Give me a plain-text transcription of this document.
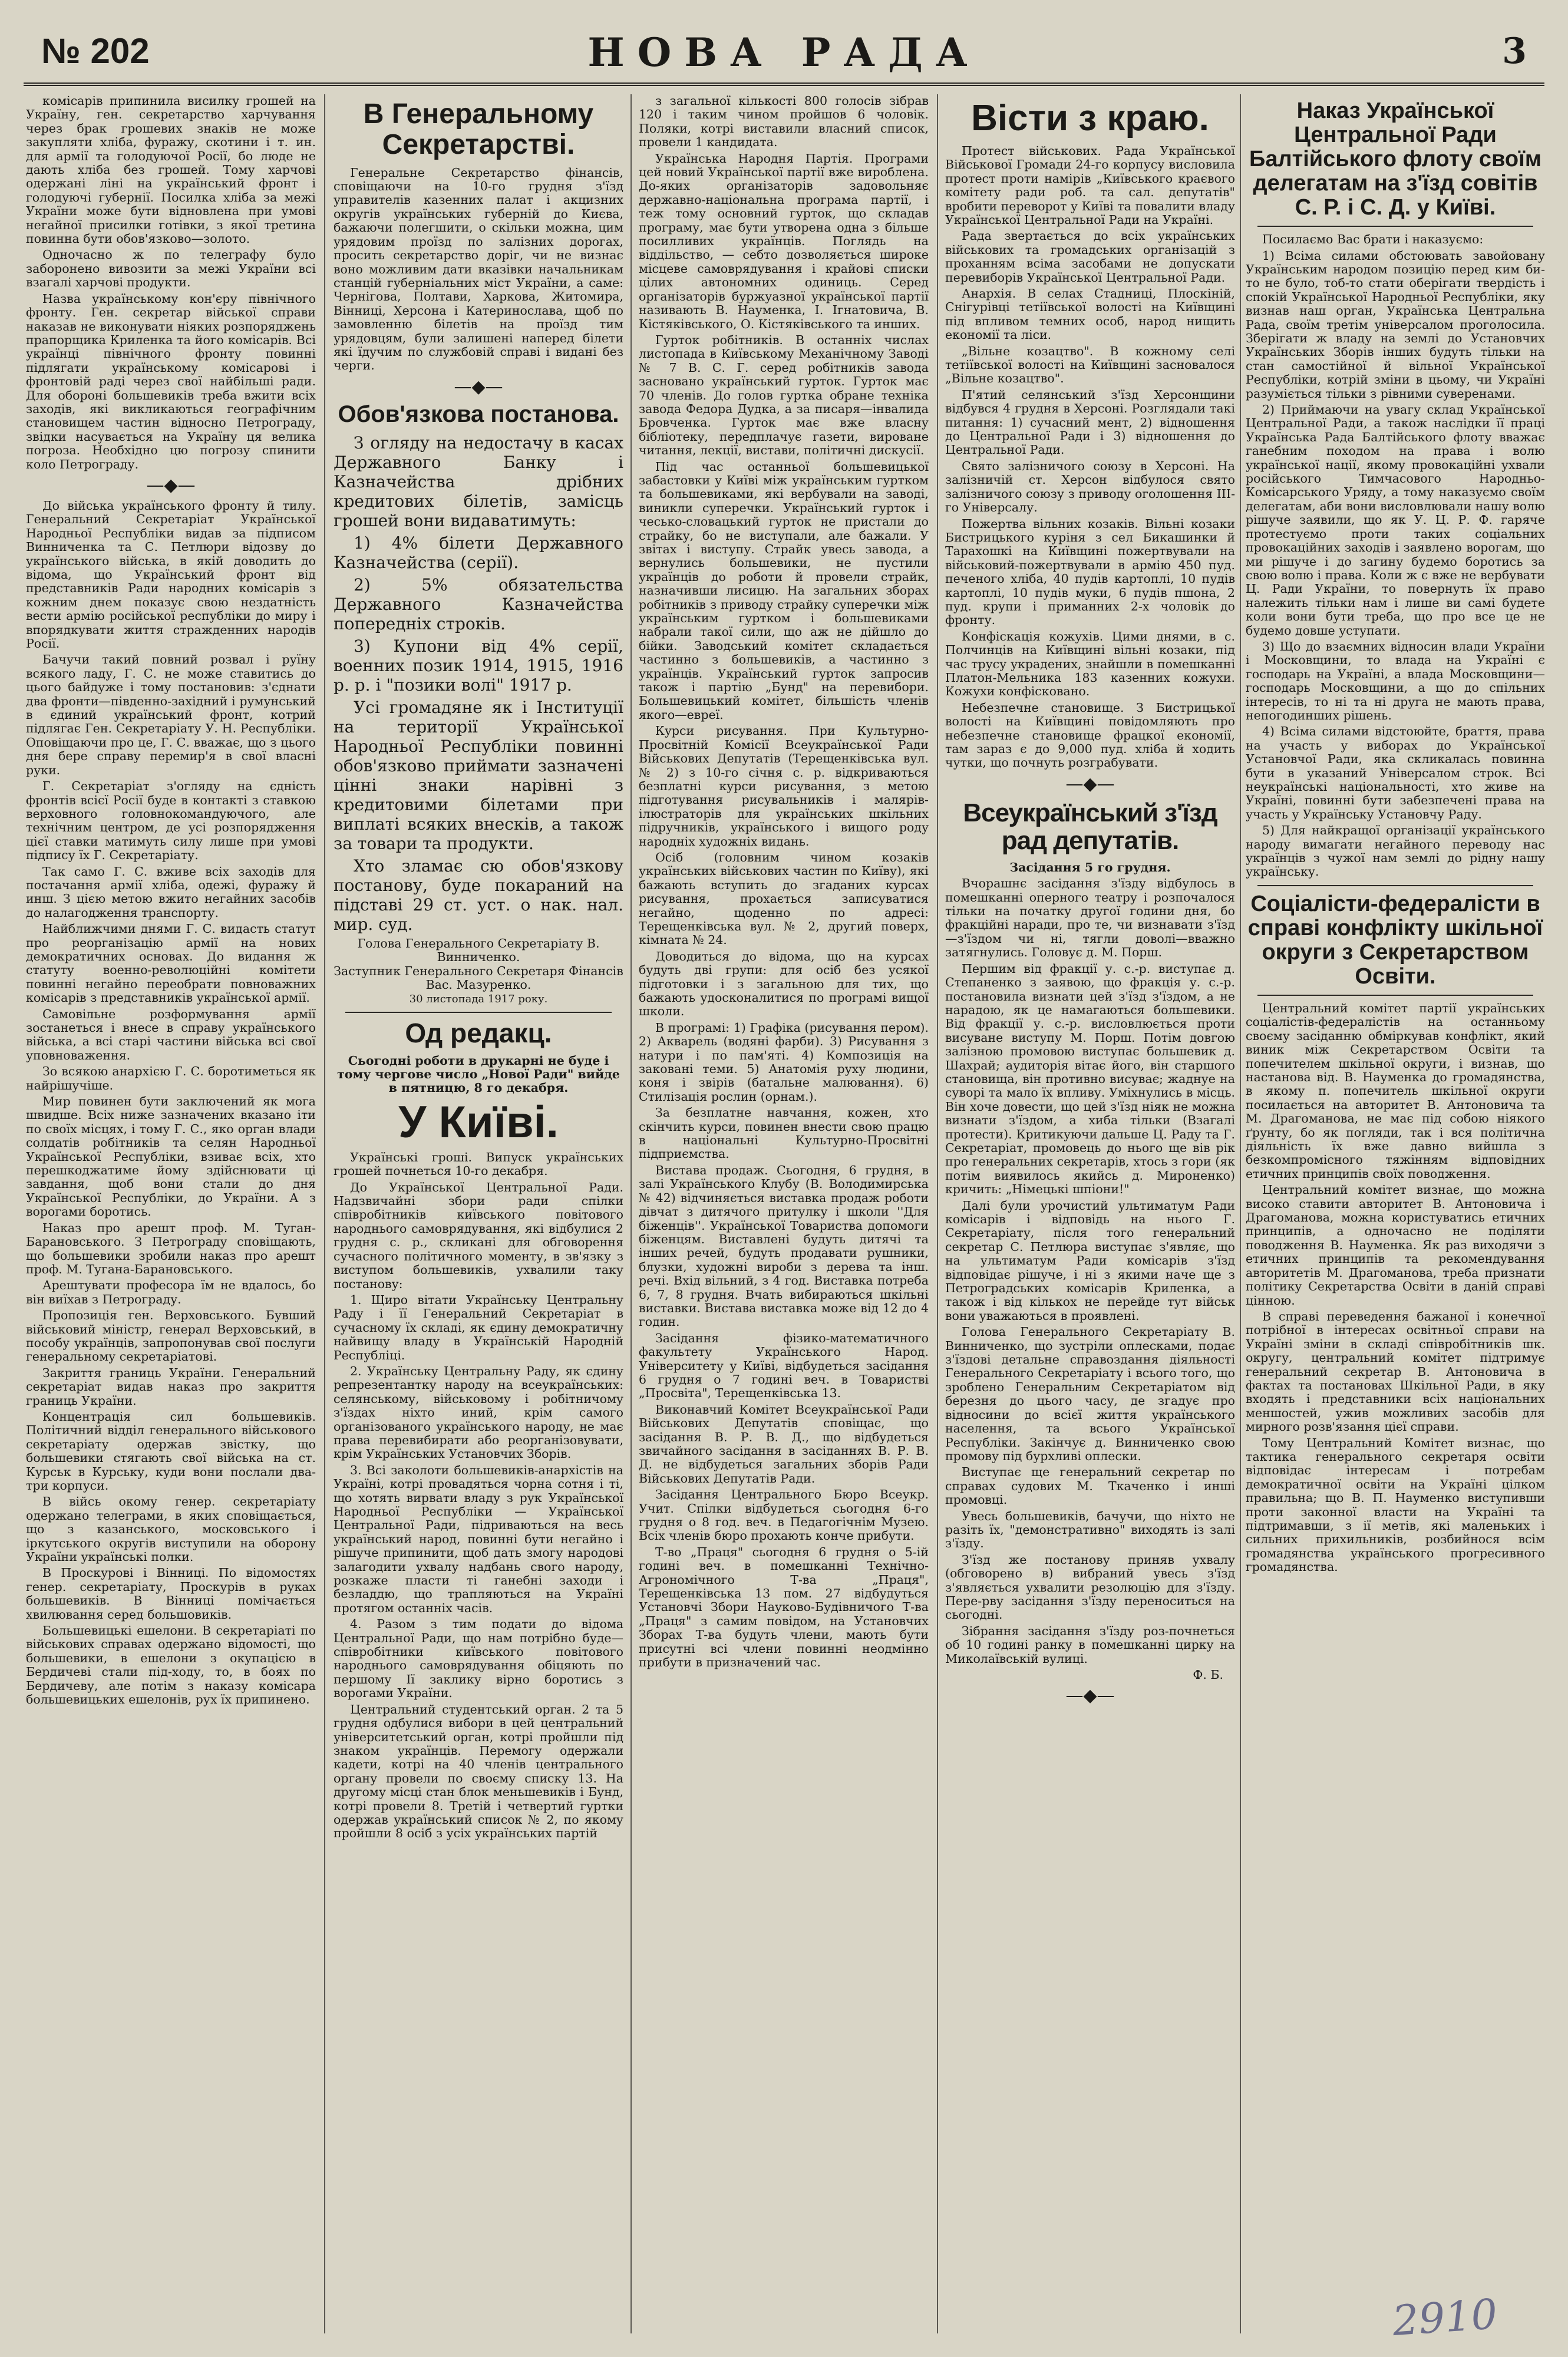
№ 202	НОВА РАДА	3

комісарів припинила висилку грошей на Україну, ген. секретарство харчування через брак грошевих знаків не може закупляти хліба, фуражу, скотини і т. ин. для армії та голодуючої Росії, бо люде не дають хліба без грошей. Тому харчові одержані ліні на український фронт і голодуючі губернії. Посилка хліба за межі України може бути відновлена при умові негайної присилки готівки, з якої третина повинна бути обов'язково—золото.

Одночасно ж по телеграфу було заборонено вивозити за межі України всі взагалі харчові продукти.

Назва українському кон'єру північного фронту. Ген. секретар війської справи наказав не виконувати ніяких розпоряджень прапорщика Криленка та його комісарів. Всі українці північного фронту повинні підлягати українському комісарові і фронтовій раді через свої найбільші ради. Для обороні большевиків треба вжити всіх заходів, які викликаються географічним становищем частин відносно Петрограду, звідки насувається на Україну ця велика погроза. Необхідно цю погрозу спинити коло Петрограду.

—◆—

До війська українського фронту й тилу. Генеральний Секретаріат Української Народньої Республіки видав за підписом Винниченка та С. Петлюри відозву до українського війська, в якій доводить до відома, що Український фронт від представників Ради народних комісарів з кожним днем показує свою нездатність вести армію російської республіки до миру і впорядкувати життя стражденних народів Росії.

Бачучи такий повний розвал і руїну всякого ладу, Г. С. не може ставитись до цього байдуже і тому постановив: з'єднати два фронти—південно-західний і румунський в єдиний український фронт, котрий підлягає Ген. Секретаріату У. Н. Республіки. Оповіщаючи про це, Г. С. вважає, що з цього дня бере справу перемир'я в свої власні руки.

Г. Секретаріат з'огляду на єдність фронтів всієї Росії буде в контакті з ставкою верховного головнокомандуючого, але технічним центром, де усі розпорядження цієї ставки матимуть силу лише при умові підпису їх Г. Секретаріату.

Так само Г. С. вживе всіх заходів для постачання армії хліба, одежі, фуражу й инш. З цією метою вжито негайних засобів до налагодження транспорту.

Найближчими днями Г. С. видасть статут про реорганізацію армії на нових демократичних основах. До видання ж статуту военно-революційні комітети повинні негайно переобрати повноважних комісарів з представників української армії.

Самовільне розформування армії зостанеться і внесе в справу українського війська, а всі старі частини війська всі свої уповноваження.

Зо всякою анархією Г. С. боротиметься як найрішучіше.

Мир повинен бути заключений як мога швидше. Всіх ниже зазначених вказано іти по своїх місцях, і тому Г. С., яко орган влади солдатів робітників та селян Народньої Української Республіки, взиває всіх, хто перешкоджатиме йому здійснювати ці завдання, щоб вони стали до дня Української Республіки, до України. А з ворогами боротись.

Наказ про арешт проф. М. Туган-Барановського. З Петрограду сповіщають, що большевики зробили наказ про арешт проф. М. Тугана-Барановського.

Арештувати професора їм не вдалось, бо він виїхав з Петрограду.

Пропозиція ген. Верховського. Бувший військовий міністр, генерал Верховський, в пособу українців, запропонував свої послуги генеральному секретаріатові.

Закриття границь України. Генеральний секретаріат видав наказ про закриття границь України.

Концентрація сил большевиків. Політичний відділ генерального військового секретаріату одержав звістку, що большевики стягають свої війська на ст. Курськ в Курську, куди вони послали два-три корпуси.

В війсь окому генер. секретаріату одержано телеграми, в яких сповіщається, що з казанського, московського і іркутського округів виступили на оборону України українські полки.

В Проскурові і Вінниці. По відомостях генер. секретаріату, Проскурів в руках большевиків. В Вінниці помічається хвилювання серед большовиків.

Большевицькі ешелони. В секретаріаті по військових справах одержано відомості, що большевики, в ешелони з окупацією в Бердичеві стали під-ходу, то, в боях по Бердичеву, але потім з наказу комісара большевицьких ешелонів, рух їх припинено.

В Генеральному Секретарстві.

Генеральне Секретарство фінансів, сповіщаючи на 10-го грудня з'їзд управителів казенних палат і акцизних округів українських губерній до Києва, бажаючи полегшити, о скільки можна, цим урядовим проїзд по залізних дорогах, просить секретарство доріг, чи не визнає воно можливим дати вказівки начальникам станцій губерніальних міст України, а саме: Чернігова, Полтави, Харкова, Житомира, Вінниці, Херсона і Катеринослава, щоб по замовленню білетів на проїзд тим урядовцям, були залишені наперед білети які їдучим по службовій справі і видані без черги.

—◆—
Обов'язкова постанова.

З огляду на недостачу в касах Державного Банку і Казначейства дрібних кредитових білетів, замісць грошей вони видаватимуть:

1) 4% білети Державного Казначейства (серії).

2) 5% обязательства Державного Казначейства попередніх строків.

3) Купони від 4% серії, военних позик 1914, 1915, 1916 р. р. і "позики волі" 1917 р.

Усі громадяне як і Інституції на території Української Народньої Республіки повинні обов'язково приймати зазначені цінні знаки нарівні з кредитовими білетами при виплаті всяких внесків, а також за товари та продукти.

Хто зламає сю обов'язкову постанову, буде покараний на підставі 29 ст. уст. о нак. нал. мир. суд.

Голова Генерального Секретаріату В. Винниченко.
Заступник Генерального Секретаря Фінансів Вас. Мазуренко.
30 листопада 1917 року.
Од редакц.

Сьогодні роботи в друкарні не буде і тому чергове число „Нової Ради" вийде в пятницю, 8 го декабря.

У Київі.

Українські гроші. Випуск українських грошей почнеться 10-го декабря.

До Української Центральної Ради. Надзвичайні збори ради спілки співробітників київського повітового народнього самоврядування, які відбулися 2 грудня с. р., скликані для обговорення сучасного політичного моменту, в зв'язку з виступом большевиків, ухвалили таку постанову:

1. Щиро вітати Українську Центральну Раду і її Генеральний Секретаріат в сучасному їх складі, як єдину демократичну найвищу владу в Українській Народній Республіці.

2. Українську Центральну Раду, як єдину репрезентантку народу на всеукраїнських: селянському, військовому і робітничому з'їздах ніхто иний, крім самого організованого українського народу, не має права перевибирати або реорганізовувати, крім Українських Установчих Зборів.

3. Всі заколоти большевиків-анархістів на Україні, котрі провадяться чорна сотня і ті, що хотять вирвати владу з рук Української Народньої Республіки — Української Центральної Ради, підриваються на весь український народ, повинні бути негайно і рішуче припинити, щоб дать змогу народові залагодити ухвалу надбань свого народу, розкаже пласти ті ганебні заходи і безладдю, що трапляються на Україні протягом останніх часів.

4. Разом з тим подати до відома Центральної Ради, що нам потрібно буде—співробітники київського повітового народнього самоврядування обіцяють по першому Ії заклику вірно боротись з ворогами України.

Центральний студентський орган. 2 та 5 грудня одбулися вибори в цей центральний університетський орган, котрі пройшли під знаком українців. Перемогу одержали кадети, котрі на 40 членів центрального органу провели по своєму списку 13. На другому місці стан блок меньшевиків і Бунд, котрі провели 8. Третій і четвертий гуртки одержав український список № 2, по якому пройшли 8 осіб з усіх українських партій

з загальної кількості 800 голосів зібрав 120 і таким чином пройшов 6 чоловік. Поляки, котрі виставили власний список, провели 1 кандидата.

Українська Народня Партія. Програми цей новий Української партії вже вироблена. До-яких організаторів задовольняє державно-національна програма партії, і теж тому основний гурток, що складав програму, має бути утворена одна з більше посилливих українців. Поглядь на віддільство, — себто дозволяється широке місцеве самоврядування і крайові списки цілих автономних одиниць. Серед організаторів буржуазної української партії називають В. Науменка, І. Ігнатовича, В. Кістяківського, О. Кістяківського та инших.

Гурток робітників. В останніх числах листопада в Київському Механічному Заводі № 7 В. С. Г. серед робітників завода засновано український гурток. Гурток має 70 членів. До голов гуртка обране техніка завода Федора Дудка, а за писаря—інвалида Бровченка. Гурток має вже власну бібліотеку, передплачує газети, вироване читання, лекції, вистави, політичні дискусії.

Під час останньої большевицької забастовки у Київі між українським гуртком та большевиками, які вербували на заводі, виникли суперечки. Український гурток і чесько-словацький гурток не пристали до страйку, бо не виступали, але бажали. У звітах і виступу. Страйк увесь завода, а вернулись большевики, не пустили українців до роботи й провели страйк, назначивши лисицю. На загальних зборах робітників з приводу страйку суперечки між українським гуртком і большевиками набрали такої сили, що аж не дійшло до бійки. Заводський комітет складається частинно з большевиків, а частинно з українців. Український гурток запросив також і партію „Бунд" на перевибори. Большевицький комітет, більшість членів якого—евреї.

Курси рисування. При Культурно-Просвітній Комісії Всеукраїнської Ради Військових Депутатів (Терещенківська вул. № 2) з 10-го січня с. р. відкриваються безплатні курси рисування, з метою підготування рисувальників і малярів-ілюстраторів для українських шкільних підручників, українського і вищого роду народніх художніх видань.

Осіб (головним чином козаків українських військових частин по Київу), які бажають вступить до згаданих курсах рисування, прохається записуватися негайно, щоденно по адресі: Терещенківська вул. № 2, другий поверх, кімната № 24.

Доводиться до відома, що на курсах будуть дві групи: для осіб без усякої підготовки і з загальною для тих, що бажають удосконалитися по програмі вищої школи.

В програмі: 1) Графіка (рисування пером). 2) Акварель (водяні фарби). 3) Рисування з натури і по пам'яті. 4) Композиція на заковані теми. 5) Анатомія руху людини, коня і звірів (батальне малювання). 6) Стилізація рослин (орнам.).

За безплатне навчання, кожен, хто скінчить курси, повинен внести свою працю в національні Культурно-Просвітні підприємства.

Вистава продаж. Сьогодня, 6 грудня, в залі Українського Клубу (В. Володимирська № 42) відчиняється виставка продаж роботи дівчат з дитячого притулку і школи ''Для біженців''. Української Товариства допомоги біженцям. Виставлені будуть дитячі та інших речей, будуть продавати рушники, блузки, художні вироби з дерева та інш. речі. Вхід вільний, з 4 год. Виставка потреба 6, 7, 8 грудня. Вчать вибираються шкільні виставки. Вистава виставка може від 12 до 4 годин.

Засідання фізико-математичного факультету Українського Народ. Університету у Київі, відбудеться засідання 6 грудня о 7 годині веч. в Товаристві „Просвіта", Терещенківська 13.

Виконавчий Комітет Всеукраїнської Ради Військових Депутатів сповіщає, що засідання В. Р. В. Д., що відбудеться звичайного засідання в засіданнях В. Р. В. Д. не відбудеться загальних зборів Ради Військових Депутатів Ради.

Засідання Центрального Бюро Всеукр. Учит. Спілки відбудеться сьогодня 6-го грудня о 8 год. веч. в Педагогічнім Музею. Всіх членів бюро прохають конче прибути.

Т-во „Праця" сьогодня 6 грудня о 5-ій годині веч. в помешканні Технічно-Агрономічного Т-ва „Праця", Терещенківська 13 пом. 27 відбудуться Установчі Збори Науково-Будівничого Т-ва „Праця" з самим повідом, на Установчих Зборах Т-ва будуть члени, мають бути присутні всі члени повинні неодмінно прибути в призначений час.

Вісти з краю.

Протест військових. Рада Української Військової Громади 24-го корпусу висловила протест проти намірів „Київського краєвого комітету ради роб. та сал. депутатів" вробити переворот у Київі та повалити владу Української Центральної Ради на Україні.

Рада звертається до всіх українських військових та громадських організацій з проханням всіма засобами не допускати перевиборів Української Центральної Ради.

Анархія. В селах Стадниці, Плоскіній, Снігурівці тетіївської волості на Київщині під впливом темних особ, народ нищить економії та ліси.

„Вільне козацтво". В кожному селі тетіївської волості на Київщині засновалося „Вільне козацтво".

П'ятий селянський з'їзд Херсонщини відбувся 4 грудня в Херсоні. Розглядали такі питання: 1) сучасний мент, 2) відношення до Центральної Ради і 3) відношення до Центральної Ради.

Свято залізничого союзу в Херсоні. На залізничій ст. Херсон відбулося свято залізничого союзу з приводу оголошення III-го Універсалу.

Пожертва вільних козаків. Вільні козаки Бистрицького куріня з сел Бикашинки й Тарахошкі на Київщині пожертвували на військовий-пожертвували в армію 450 пуд. печеного хліба, 40 пудів картоплі, 10 пудів картоплі, 10 пудів муки, 6 пудів пшона, 2 пуд. крупи і приманних 2-х чоловік до фронту.

Конфіскація кожухів. Цими днями, в с. Полчинців на Київщині вільні козаки, під час трусу украдених, знайшли в помешканні Платон-Мельника 183 казенних кожухи. Кожухи конфісковано.

Небезпечне становище. З Бистрицької волості на Київщині повідомляють про небезпечне становище фрацкої економії, там зараз є до 9,000 пуд. хліба й ходить чутки, що почнуть розграбувати.

—◆—
Всеукраїнський з'їзд рад депутатів.

Засідання 5 го грудня.

Вчорашнє засідання з'їзду відбулось в помешканні оперного театру і розпочалося тільки на початку другої години дня, бо фракційні наради, про те, чи визнавати з'їзд—з'їздом чи ні, тягли доволі—вважно затягнулись. Головує д. М. Порш.

Першим від фракції у. с.-р. виступає д. Степаненко з заявою, що фракція у. с.-р. постановила визнати цей з'їзд з'їздом, а не нарадою, як це намагаються большевики. Від фракції у. с.-р. висловлюється проти висуване виступу М. Порш. Потім довгою залізною промовою виступає большевик д. Шахрай; аудиторія вітає його, він старшого становища, він противно висуває; жаднуе на суворі та мало їх впливу. Уміхнулись в місць. Він хоче довести, що цей з'їзд ніяк не можна визнати з'їздом, а хиба тільки (Взагалі протести). Критикуючи дальше Ц. Раду та Г. Секретаріат, промовець до нього ще вів рік про генеральних секретарів, хтось з гори (як потім виявилось якийсь д. Мироненко) кричить: „Німецькі шпіони!"

Далі були урочистий ультиматум Ради комісарів і відповідь на нього Г. Секретаріату, після того генеральний секретар С. Петлюра виступає з'являє, що на ультиматум Ради комісарів з'їзд відповідає рішуче, і ні з якими наче ще з Петроградських комісарів Криленка, а також і від кількох не перейде тут військ вони уважаються в проявлені.

Голова Генерального Секретаріату В. Винниченко, що зустріли оплесками, подає з'їздові детальне справоздання діяльності Генерального Секретаріату і всього того, що зроблено Генеральним Секретаріатом від березня до цього часу, де згадує про відносини до всієї життя українського населення, та всього Української Республіки. Закінчує д. Винниченко свою промову під бурхливі оплески.

Виступає ще генеральний секретар по справах судових М. Ткаченко і инші промовці.

Увесь большевиків, бачучи, що ніхто не разіть їх, "демонстративно" виходять із залі з'їзду.

З'їзд же постанову приняв ухвалу (обговорено в) вибраний увесь з'їзд з'являється ухвалити резолюцію для з'їзду. Пере-рву засідання з'їзду переноситься на сьогодні.

Зібрання засідання з'їзду роз-почнеться об 10 годині ранку в помешканні цирку на Миколаївській вулиці.

Ф. Б.
—◆—
Наказ Української Центральної Ради Балтійського флоту своїм делегатам на з'їзд совітів С. Р. і С. Д. у Київі.

Посилаємо Вас брати і наказуємо:

1) Всіма силами обстоювать завойовану Українським народом позицію перед ким би-то не було, тоб-то стати оберігати твердість і спокій Української Народньої Республіки, яку визнав наш орган, Українська Центральна Рада, своїм третім універсалом проголосила. Зберігати ж владу на землі до Установчих Українських Зборів інших будуть тільки на стан самостійної й вільної Української Республіки, котрій зміни в цьому, чи Україні разуміється тільки з рівними суверенами.

2) Приймаючи на увагу склад Української Центральної Ради, а також наслідки її праці Українська Рада Балтійського флоту вважає ганебним походом на права і волю української нації, якому провокаційні ухвали російського Тимчасового Народньо-Комісарського Уряду, а тому наказуємо своїм делегатам, аби вони висловлювали нашу волю рішуче заявили, що як У. Ц. Р. Ф. гаряче протестуємо проти таких соціальних провокаційних заходів і заявлено ворогам, що ми рішуче і до загину будемо боротись за свою волю і права. Коли ж є вже не вербувати Ц. Ради України, то повернуть їх право належить тільки нам і лише ви самі будете коли вони бути треба, що про все це не будемо довше уступати.

3) Що до взаємних відносин влади України і Московщини, то влада на Україні є господарь на Україні, а влада Московщини—господарь Московщини, а що до спільних інтересів, то ні та ні друга не мають права, непогодинших рішень.

4) Всіма силами відстоюйте, браття, права на участь у виборах до Української Установчої Ради, яка скликалась повинна бути в указаний Універсалом строк. Всі неукраїнські національності, хто живе на Україні, повинні бути забезпечені права на участь у Українську Установчу Раду.

5) Для найкращої організації українського народу вимагати негайного переводу нас українців з чужої нам землі до рідну нашу українську.

Соціалісти-федералісти в справі конфлікту шкільної округи з Секретарством Освіти.

Центральний комітет партії українських соціалістів-федералістів на останньому своєму засіданню обміркував конфлікт, який виник між Секретарством Освіти та попечителем шкільної округи, і визнав, що настанова від. В. Науменка до громадянства, в якому п. попечитель шкільної округи посилається на авторитет В. Антоновича та М. Драгоманова, не має під собою ніякого ґрунту, бо як погляди, так і вся політична діяльність їх вже давно вийшла з безкомпромісного тяжінням відповідних етичних принципів своїх поводження.

Центральний комітет визнає, що можна високо ставити авторитет В. Антоновича і Драгоманова, можна користуватись етичних принципів, а одночасно не поділяти поводження В. Науменка. Як раз виходячи з етичних принципів та рекомендування авторитетів М. Драгоманова, треба признати політику Секретарства Освіти в даній справі цінною.

В справі переведення бажаної і конечної потрібної в інтересах освітньої справи на Україні зміни в складі співробітників шк. округу, центральний комітет підтримує генеральний секретар В. Антоновича в фактах та постановах Шкільної Ради, в яку входять і представники всіх національних меншостей, ужив можливих засобів для мирного розв'язання цієї справи.

Тому Центральний Комітет визнає, що тактика генерального секретаря освіти відповідає інтересам і потребам демократичної освіти на Україні цілком правильна; що В. П. Науменко виступивши проти законної власти на Україні та підтримавши, з ії метів, які маленьких і сильних прихильників, розбийнося всім громадянства українського прогресивного громадянства.

2910
